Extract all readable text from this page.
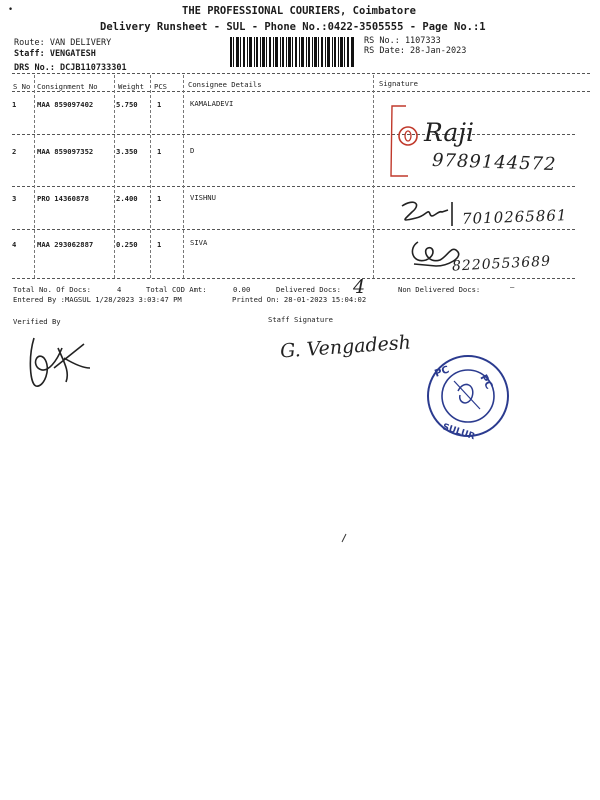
THE PROFESSIONAL COURIERS, Coimbatore
Delivery Runsheet - SUL - Phone No.:0422-3505555 - Page No.:1
•
Route: VAN DELIVERY
Staff: VENGATESH
DRS No.: DCJB110733301
RS No.: 1107333
RS Date: 28-Jan-2023
S No Consignment No	Weight PCS	Consignee Details	Signature
1	MAA 859097402	5.750	1	KAMALADEVI
2	MAA 859097352	3.350	1	D
3	PRO 14360878	2.400	1	VISHNU
4	MAA 293062887	0.250	1	SIVA
Raji
9789144572
7010265861
8220553689
Total No. Of Docs:	4	Total COD Amt:	0.00	Delivered Docs: 4	Non Delivered Docs:	—
Entered By :MAGSUL 1/28/2023 3:03:47 PM	Printed On: 28-01-2023 15:04:02
Verified By	Staff Signature
G. Vengadesh
PC
PC
SULUR
